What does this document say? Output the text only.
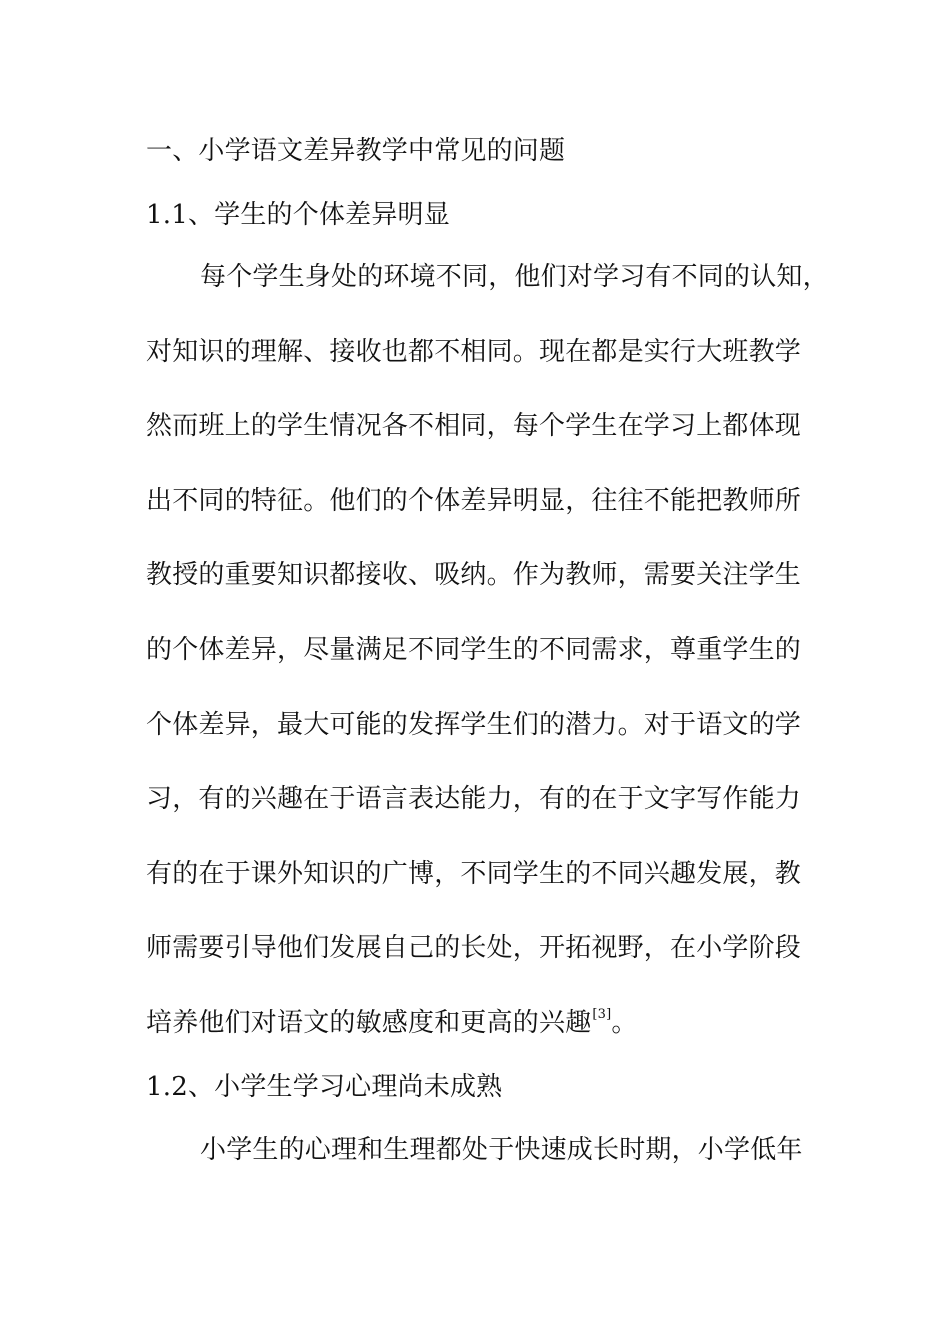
一、小学语文差异教学中常见的问题
1.1、学生的个体差异明显
每个学生身处的环境不同，他们对学习有不同的认知，
对知识的理解、接收也都不相同。现在都是实行大班教学
然而班上的学生情况各不相同，每个学生在学习上都体现
出不同的特征。他们的个体差异明显，往往不能把教师所
教授的重要知识都接收、吸纳。作为教师，需要关注学生
的个体差异，尽量满足不同学生的不同需求，尊重学生的
个体差异，最大可能的发挥学生们的潜力。对于语文的学
习，有的兴趣在于语言表达能力，有的在于文字写作能力
有的在于课外知识的广博，不同学生的不同兴趣发展，教
师需要引导他们发展自己的长处，开拓视野，在小学阶段
培养他们对语文的敏感度和更高的兴趣[3]。
1.2、小学生学习心理尚未成熟
小学生的心理和生理都处于快速成长时期，小学低年
